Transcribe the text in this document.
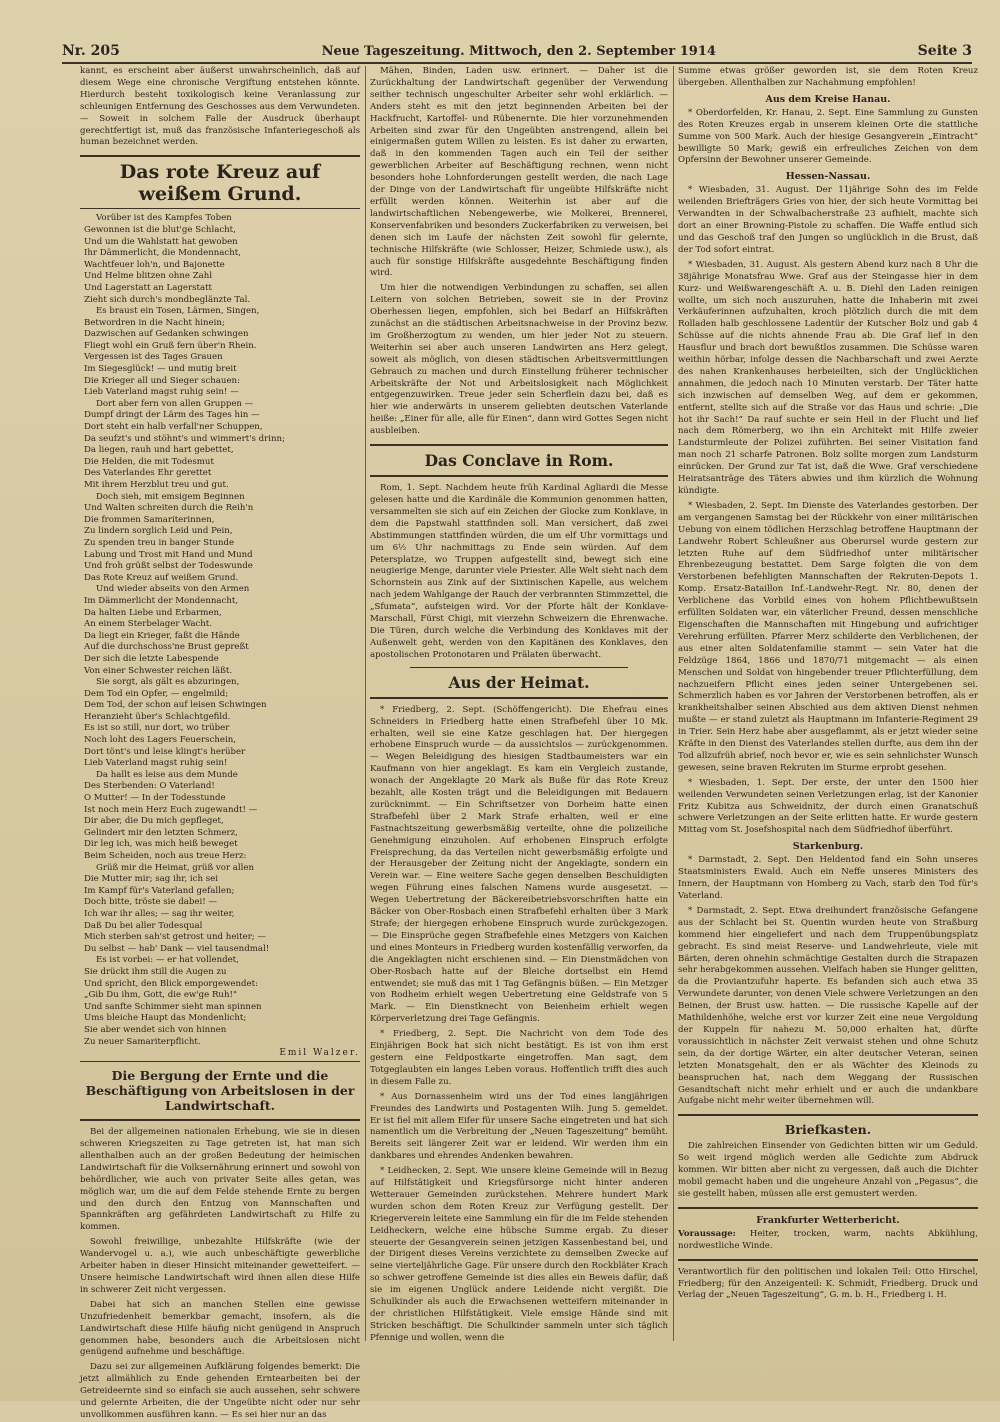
Nr. 205	Neue Tageszeitung. Mittwoch, den 2. September 1914	Seite 3

kannt, es erscheint aber äußerst unwahrscheinlich, daß auf diesem Wege eine chronische Vergiftung entstehen könnte. Hierdurch besteht toxikologisch keine Veranlassung zur schleunigen Entfernung des Geschosses aus dem Verwundeten. — Soweit in solchem Falle der Ausdruck überhaupt gerechtfertigt ist, muß das französische Infanteriegeschoß als human bezeichnet werden.

Das rote Kreuz auf weißem Grund.
Vorüber ist des Kampfes Toben
Gewonnen ist die blut'ge Schlacht,
Und um die Wahlstatt hat gewoben
Ihr Dämmerlicht, die Mondennacht,
Wachtfeuer loh'n, und Bajonette
Und Helme blitzen ohne Zahl
Und Lagerstatt an Lagerstatt
Zieht sich durch's mondbeglänzte Tal.
Es braust ein Tosen, Lärmen, Singen,
Betwordren in die Nacht hinein;
Dazwischen auf Gedanken schwingen
Fliegt wohl ein Gruß fern über'n Rhein.
Vergessen ist des Tages Grauen
Im Siegesglück! — und mutig breit
Die Krieger all und Sieger schauen:
Lieb Vaterland magst ruhig sein! —
Dort aber fern von allen Gruppen —
Dumpf dringt der Lärm des Tages hin —
Dort steht ein halb verfall'ner Schuppen,
Da seufzt's und stöhnt's und wimmert's drinn;
Da liegen, rauh und hart gebettet,
Die Helden, die mit Todesmut
Des Vaterlandes Ehr gerettet
Mit ihrem Herzblut treu und gut.
Doch sieh, mit emsigem Beginnen
Und Walten schreiten durch die Reih'n
Die frommen Samariterinnen,
Zu lindern sorglich Leid und Pein,
Zu spenden treu in banger Stunde
Labung und Trost mit Hand und Mund
Und froh grüßt selbst der Todeswunde
Das Rote Kreuz auf weißem Grund.
Und wieder abseits von den Armen
Im Dämmerlicht der Mondennacht,
Da halten Liebe und Erbarmen,
An einem Sterbelager Wacht.
Da liegt ein Krieger, faßt die Hände
Auf die durchschoss'ne Brust gepreßt
Der sich die letzte Labespende
Von einer Schwester reichen läßt.
Sie sorgt, als gält es abzuringen,
Dem Tod ein Opfer, — engelmild;
Dem Tod, der schon auf leisen Schwingen
Heranzieht über's Schlachtgefild.
Es ist so still, nur dort, wo trüber
Noch loht des Lagers Feuerschein,
Dort tönt's und leise klingt's herüber
Lieb Vaterland magst ruhig sein!
Da hallt es leise aus dem Munde
Des Sterbenden: O Vaterland!
O Mutter! — In der Todesstunde
Ist noch mein Herz Euch zugewandt! —
Dir aber, die Du mich gepfleget,
Gelindert mir den letzten Schmerz,
Dir leg ich, was mich heiß beweget
Beim Scheiden, noch aus treue Herz:
Grüß mir die Heimat, grüß vor allen
Die Mutter mir; sag ihr, ich sei
Im Kampf für's Vaterland gefallen;
Doch bitte, tröste sie dabei! —
Ich war ihr alles; — sag ihr weiter,
Daß Du bei aller Todesqual
Mich sterben sah'st getrost und heiter; —
Du selbst — hab' Dank — viel tausendmal!
Es ist vorbei: — er hat vollendet,
Sie drückt ihm still die Augen zu
Und spricht, den Blick emporgewendet:
„Gib Du ihm, Gott, die ew'ge Ruh!"
Und sanfte Schimmer sieht man spinnen
Ums bleiche Haupt das Mondenlicht;
Sie aber wendet sich von hinnen
Zu neuer Samariterpflicht.
Emil Walzer.
Die Bergung der Ernte und die Beschäftigung von Arbeitslosen in der Landwirtschaft.

Bei der allgemeinen nationalen Erhebung, wie sie in diesen schweren Kriegszeiten zu Tage getreten ist, hat man sich allenthalben auch an der großen Bedeutung der heimischen Landwirtschaft für die Volksernährung erinnert und sowohl von behördlicher, wie auch von privater Seite alles getan, was möglich war, um die auf dem Felde stehende Ernte zu bergen und den durch den Entzug von Mannschaften und Spannkräften arg gefährdeten Landwirtschaft zu Hilfe zu kommen.

Sowohl freiwillige, unbezahlte Hilfskräfte (wie der Wandervogel u. a.), wie auch unbeschäftigte gewerbliche Arbeiter haben in dieser Hinsicht miteinander gewetteifert. — Unsere heimische Landwirtschaft wird ihnen allen diese Hilfe in schwerer Zeit nicht vergessen.

Dabei hat sich an manchen Stellen eine gewisse Unzufriedenheit bemerkbar gemacht, insofern, als die Landwirtschaft diese Hilfe häufig nicht genügend in Anspruch genommen habe, besonders auch die Arbeitslosen nicht genügend aufnehme und beschäftige.

Dazu sei zur allgemeinen Aufklärung folgendes bemerkt: Die jetzt allmählich zu Ende gehenden Erntearbeiten bei der Getreideernte sind so einfach sie auch aussehen, sehr schwere und gelernte Arbeiten, die der Ungeübte nicht oder nur sehr unvollkommen ausführen kann. — Es sei hier nur an das

Mähen, Binden, Laden usw. erinnert. — Daher ist die Zurückhaltung der Landwirtschaft gegenüber der Verwendung seither technisch ungeschulter Arbeiter sehr wohl erklärlich. — Anders steht es mit den jetzt beginnenden Arbeiten bei der Hackfrucht, Kartoffel- und Rübenernte. Die hier vorzunehmenden Arbeiten sind zwar für den Ungeübten anstrengend, allein bei einigermaßen gutem Willen zu leisten. Es ist daher zu erwarten, daß in den kommenden Tagen auch ein Teil der seither gewerblichen Arbeiter auf Beschäftigung rechnen, wenn nicht besonders hohe Lohnforderungen gestellt werden, die nach Lage der Dinge von der Landwirtschaft für ungeübte Hilfskräfte nicht erfüllt werden können. Weiterhin ist aber auf die landwirtschaftlichen Nebengewerbe, wie Molkerei, Brennerei, Konservenfabriken und besonders Zuckerfabriken zu verweisen, bei denen sich im Laufe der nächsten Zeit sowohl für gelernte, technische Hilfskräfte (wie Schlosser, Heizer, Schmiede usw.), als auch für sonstige Hilfskräfte ausgedehnte Beschäftigung finden wird.

Um hier die notwendigen Verbindungen zu schaffen, sei allen Leitern von solchen Betrieben, soweit sie in der Provinz Oberhessen liegen, empfohlen, sich bei Bedarf an Hilfskräften zunächst an die städtischen Arbeitsnachweise in der Provinz bezw. im Großherzogtum zu wenden, um hier jeder Not zu steuern. Weiterhin sei aber auch unseren Landwirten ans Herz gelegt, soweit als möglich, von diesen städtischen Arbeitsvermittlungen Gebrauch zu machen und durch Einstellung früherer technischer Arbeitskräfte der Not und Arbeitslosigkeit nach Möglichkeit entgegenzuwirken. Treue jeder sein Scherflein dazu bei, daß es hier wie anderwärts in unserem geliebten deutschen Vaterlande heiße: „Einer für alle, alle für Einen“, dann wird Gottes Segen nicht ausbleiben.

Das Conclave in Rom.

Rom, 1. Sept. Nachdem heute früh Kardinal Agliardi die Messe gelesen hatte und die Kardinäle die Kommunion genommen hatten, versammelten sie sich auf ein Zeichen der Glocke zum Konklave, in dem die Papstwahl stattfinden soll. Man versichert, daß zwei Abstimmungen stattfinden würden, die um elf Uhr vormittags und um 6½ Uhr nachmittags zu Ende sein würden. Auf dem Petersplatze, wo Truppen aufgestellt sind, bewegt sich eine neugierige Menge, darunter viele Priester. Alle Welt sieht nach dem Schornstein aus Zink auf der Sixtinischen Kapelle, aus welchem nach jedem Wahlgange der Rauch der verbrannten Stimmzettel, die „Sfumata“, aufsteigen wird. Vor der Pforte hält der Konklave-Marschall, Fürst Chigi, mit vierzehn Schweizern die Ehrenwache. Die Türen, durch welche die Verbindung des Konklaves mit der Außenwelt geht, werden von den Kapitänen des Konklaves, den apostolischen Protonotaren und Prälaten überwacht.

Aus der Heimat.

* Friedberg, 2. Sept. (Schöffengericht). Die Ehefrau eines Schneiders in Friedberg hatte einen Strafbefehl über 10 Mk. erhalten, weil sie eine Katze geschlagen hat. Der hiergegen erhobene Einspruch wurde — da aussichtslos — zurückgenommen. — Wegen Beleidigung des hiesigen Stadtbaumeisters war ein Kaufmann von hier angeklagt. Es kam ein Vergleich zustande, wonach der Angeklagte 20 Mark als Buße für das Rote Kreuz bezahlt, alle Kosten trägt und die Beleidigungen mit Bedauern zurücknimmt. — Ein Schriftsetzer von Dorheim hatte einen Strafbefehl über 2 Mark Strafe erhalten, weil er eine Fastnachtszeitung gewerbsmäßig verteilte, ohne die polizeiliche Genehmigung einzuholen. Auf erhobenen Einspruch erfolgte Freisprechung, da das Verteilen nicht gewerbsmäßig erfolgte und der Herausgeber der Zeitung nicht der Angeklagte, sondern ein Verein war. — Eine weitere Sache gegen denselben Beschuldigten wegen Führung eines falschen Namens wurde ausgesetzt. — Wegen Uebertretung der Bäckereibetriebsvorschriften hatte ein Bäcker von Ober-Rosbach einen Strafbefehl erhalten über 3 Mark Strafe; der hiergegen erhobene Einspruch wurde zurückgezogen. — Die Einsprüche gegen Strafbefehle eines Metzgers von Kaichen und eines Monteurs in Friedberg wurden kostenfällig verworfen, da die Angeklagten nicht erschienen sind. — Ein Dienstmädchen von Ober-Rosbach hatte auf der Bleiche dortselbst ein Hemd entwendet; sie muß das mit 1 Tag Gefängnis büßen. — Ein Metzger von Rodheim erhielt wegen Uebertretung eine Geldstrafe von 5 Mark. — Ein Dienstknecht von Beienheim erhielt wegen Körperverletzung drei Tage Gefängnis.

* Friedberg, 2. Sept. Die Nachricht von dem Tode des Einjährigen Bock hat sich nicht bestätigt. Es ist von ihm erst gestern eine Feldpostkarte eingetroffen. Man sagt, dem Totgeglaubten ein langes Leben voraus. Hoffentlich trifft dies auch in diesem Falle zu.

* Aus Dornassenheim wird uns der Tod eines langjährigen Freundes des Landwirts und Postagenten Wilh. Jung 5. gemeldet. Er ist fiel mit allem Eifer für unsere Sache eingetreten und hat sich namentlich um die Verbreitung der „Neuen Tageszeitung“ bemüht. Bereits seit längerer Zeit war er leidend. Wir werden ihm ein dankbares und ehrendes Andenken bewahren.

* Leidhecken, 2. Sept. Wie unsere kleine Gemeinde will in Bezug auf Hilfstätigkeit und Kriegsfürsorge nicht hinter anderen Wetterauer Gemeinden zurückstehen. Mehrere hundert Mark wurden schon dem Roten Kreuz zur Verfügung gestellt. Der Kriegerverein leitete eine Sammlung ein für die im Felde stehenden Leidheckern, welche eine hübsche Summe ergab. Zu dieser steuerte der Gesangverein seinen jetzigen Kassenbestand bei, und der Dirigent dieses Vereins verzichtete zu demselben Zwecke auf seine vierteljährliche Gage. Für unsere durch den Rockbläter Krach so schwer getroffene Gemeinde ist dies alles ein Beweis dafür, daß sie im eigenen Unglück andere Leidende nicht vergißt. Die Schulkinder als auch die Erwachsenen wetteifern miteinander in der christlichen Hilfstätigkeit. Viele emsige Hände sind mit Stricken beschäftigt. Die Schulkinder sammeln unter sich täglich Pfennige und wollen, wenn die

Summe etwas größer geworden ist, sie dem Roten Kreuz übergeben. Allenthalben zur Nachahmung empfohlen!

Aus dem Kreise Hanau.

* Oberdorfelden, Kr. Hanau, 2. Sept. Eine Sammlung zu Gunsten des Roten Kreuzes ergab in unserem kleinen Orte die stattliche Summe von 500 Mark. Auch der hiesige Gesangverein „Eintracht“ bewilligte 50 Mark; gewiß ein erfreuliches Zeichen von dem Opfersinn der Bewohner unserer Gemeinde.

Hessen-Nassau.

* Wiesbaden, 31. August. Der 11jährige Sohn des im Felde weilenden Briefträgers Gries von hier, der sich heute Vormittag bei Verwandten in der Schwalbacherstraße 23 aufhielt, machte sich dort an einer Browning-Pistole zu schaffen. Die Waffe entlud sich und das Geschoß traf den Jungen so unglücklich in die Brust, daß der Tod sofort eintrat.

* Wiesbaden, 31. August. Als gestern Abend kurz nach 8 Uhr die 38jährige Monatsfrau Wwe. Graf aus der Steingasse hier in dem Kurz- und Weißwarengeschäft A. u. B. Diehl den Laden reinigen wollte, um sich noch auszuruhen, hatte die Inhaberin mit zwei Verkäuferinnen aufzuhalten, kroch plötzlich durch die mit dem Rolladen halb geschlossene Ladentür der Kutscher Bolz und gab 4 Schüsse auf die nichts ahnende Frau ab. Die Graf lief in den Hausflur und brach dort bewußtlos zusammen. Die Schüsse waren weithin hörbar, infolge dessen die Nachbarschaft und zwei Aerzte des nahen Krankenhauses herbeieilten, sich der Unglücklichen annahmen, die jedoch nach 10 Minuten verstarb. Der Täter hatte sich inzwischen auf demselben Weg, auf dem er gekommen, entfernt, stellte sich auf die Straße vor das Haus und schrie: „Die hot ihr Sach!“ Da rauf suchte er sein Heil in der Flucht und lief nach dem Römerberg, wo ihn ein Architekt mit Hilfe zweier Landsturmleute der Polizei zuführten. Bei seiner Visitation fand man noch 21 scharfe Patronen. Bolz sollte morgen zum Landsturm einrücken. Der Grund zur Tat ist, daß die Wwe. Graf verschiedene Heiratsanträge des Täters abwies und ihm kürzlich die Wohnung kündigte.

* Wiesbaden, 2. Sept. Im Dienste des Vaterlandes gestorben. Der am vergangenen Samstag bei der Rückkehr von einer militärischen Uebung von einem tödlichen Herzschlag betroffene Hauptmann der Landwehr Robert Schleußner aus Oberursel wurde gestern zur letzten Ruhe auf dem Südfriedhof unter militärischer Ehrenbezeugung bestattet. Dem Sarge folgten die von dem Verstorbenen befehligten Mannschaften der Rekruten-Depots 1. Komp. Ersatz-Bataillon Inf.-Landwehr-Regt. Nr. 80, denen der Verblichene das Vorbild eines von hohem Pflichtbewußtsein erfüllten Soldaten war, ein väterlicher Freund, dessen menschliche Eigenschaften die Mannschaften mit Hingebung und aufrichtiger Verehrung erfüllten. Pfarrer Merz schilderte den Verblichenen, der aus einer alten Soldatenfamilie stammt — sein Vater hat die Feldzüge 1864, 1866 und 1870/71 mitgemacht — als einen Menschen und Soldat von hingebender treuer Pflichterfüllung, dem nachzueifern Pflicht eines jeden seiner Untergebenen sei. Schmerzlich haben es vor Jahren der Verstorbenen betroffen, als er krankheitshalber seinen Abschied aus dem aktiven Dienst nehmen mußte — er stand zuletzt als Hauptmann im Infanterie-Regiment 29 in Trier. Sein Herz habe aber ausgeflammt, als er jetzt wieder seine Kräfte in den Dienst des Vaterlandes stellen durfte, aus dem ihn der Tod allzufrüh abrief, noch bevor er, wie es sein sehnlichster Wunsch gewesen, seine braven Rekruten im Sturme erprobt gesehen.

* Wiesbaden, 1. Sept. Der erste, der unter den 1500 hier weilenden Verwundeten seinen Verletzungen erlag, ist der Kanonier Fritz Kubitza aus Schweidnitz, der durch einen Granatschuß schwere Verletzungen an der Seite erlitten hatte. Er wurde gestern Mittag vom St. Josefshospital nach dem Südfriedhof überführt.

Starkenburg.

* Darmstadt, 2. Sept. Den Heldentod fand ein Sohn unseres Staatsministers Ewald. Auch ein Neffe unseres Ministers des Innern, der Hauptmann von Homberg zu Vach, starb den Tod für's Vaterland.

* Darmstadt, 2. Sept. Etwa dreihundert französische Gefangene aus der Schlacht bei St. Quentin wurden heute von Straßburg kommend hier eingeliefert und nach dem Truppenübungsplatz gebracht. Es sind meist Reserve- und Landwehrleute, viele mit Bärten, deren ohnehin schmächtige Gestalten durch die Strapazen sehr herabgekommen aussehen. Vielfach haben sie Hunger gelitten, da die Proviantzufuhr haperte. Es befanden sich auch etwa 35 Verwundete darunter, von denen Viele schwere Verletzungen an den Beinen, der Brust usw. hatten. — Die russische Kapelle auf der Mathildenhöhe, welche erst vor kurzer Zeit eine neue Vergoldung der Kuppeln für nahezu M. 50,000 erhalten hat, dürfte voraussichtlich in nächster Zeit verwaist stehen und ohne Schutz sein, da der dortige Wärter, ein alter deutscher Veteran, seinen letzten Monatsgehalt, den er als Wächter des Kleinods zu beanspruchen hat, nach dem Weggang der Russischen Gesandtschaft nicht mehr erhielt und er auch die undankbare Aufgabe nicht mehr weiter übernehmen will.

Briefkasten.

Die zahlreichen Einsender von Gedichten bitten wir um Geduld. So weit irgend möglich werden alle Gedichte zum Abdruck kommen. Wir bitten aber nicht zu vergessen, daß auch die Dichter mobil gemacht haben und die ungeheure Anzahl von „Pegasus“, die sie gestellt haben, müssen alle erst gemustert werden.

Frankfurter Wetterbericht.

Voraussage: Heiter, trocken, warm, nachts Abkühlung, nordwestliche Winde.

Verantwortlich für den politischen und lokalen Teil: Otto Hirschel, Friedberg; für den Anzeigenteil: K. Schmidt, Friedberg. Druck und Verlag der „Neuen Tageszeitung“, G. m. b. H., Friedberg i. H.
